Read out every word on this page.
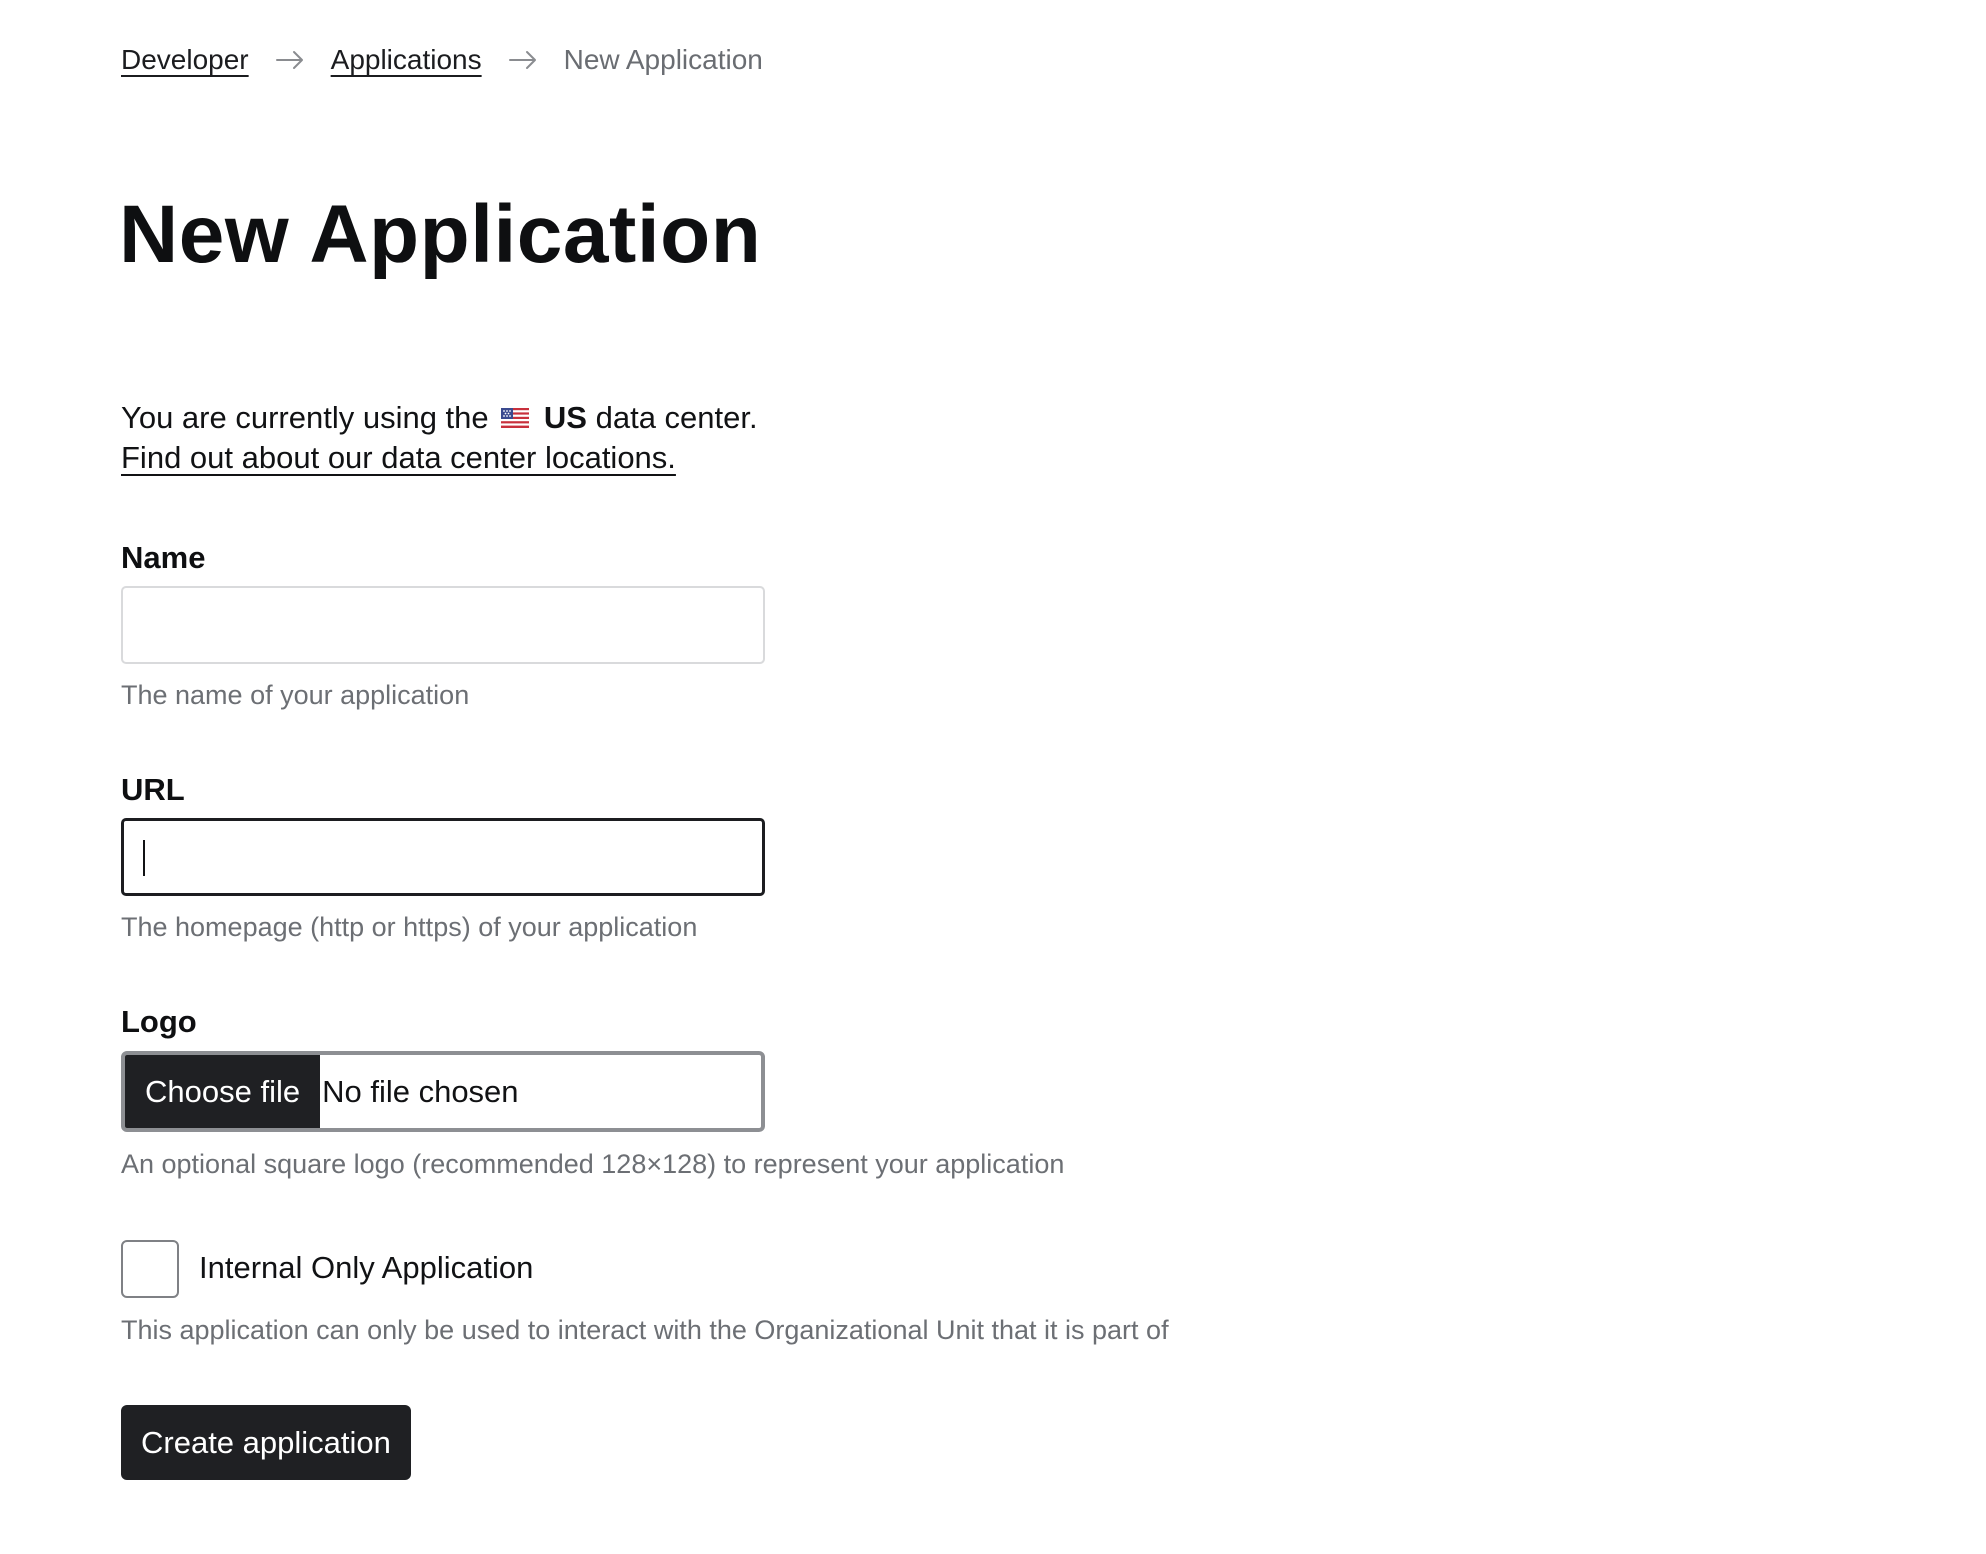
Developer	Applications	New Application
New Application
You are currently using the US data center.
Find out about our data center locations.
Name
The name of your application
URL
The homepage (http or https) of your application
Logo
Choose file No file chosen
An optional square logo (recommended 128×128) to represent your application
Internal Only Application
This application can only be used to interact with the Organizational Unit that it is part of
Create application
